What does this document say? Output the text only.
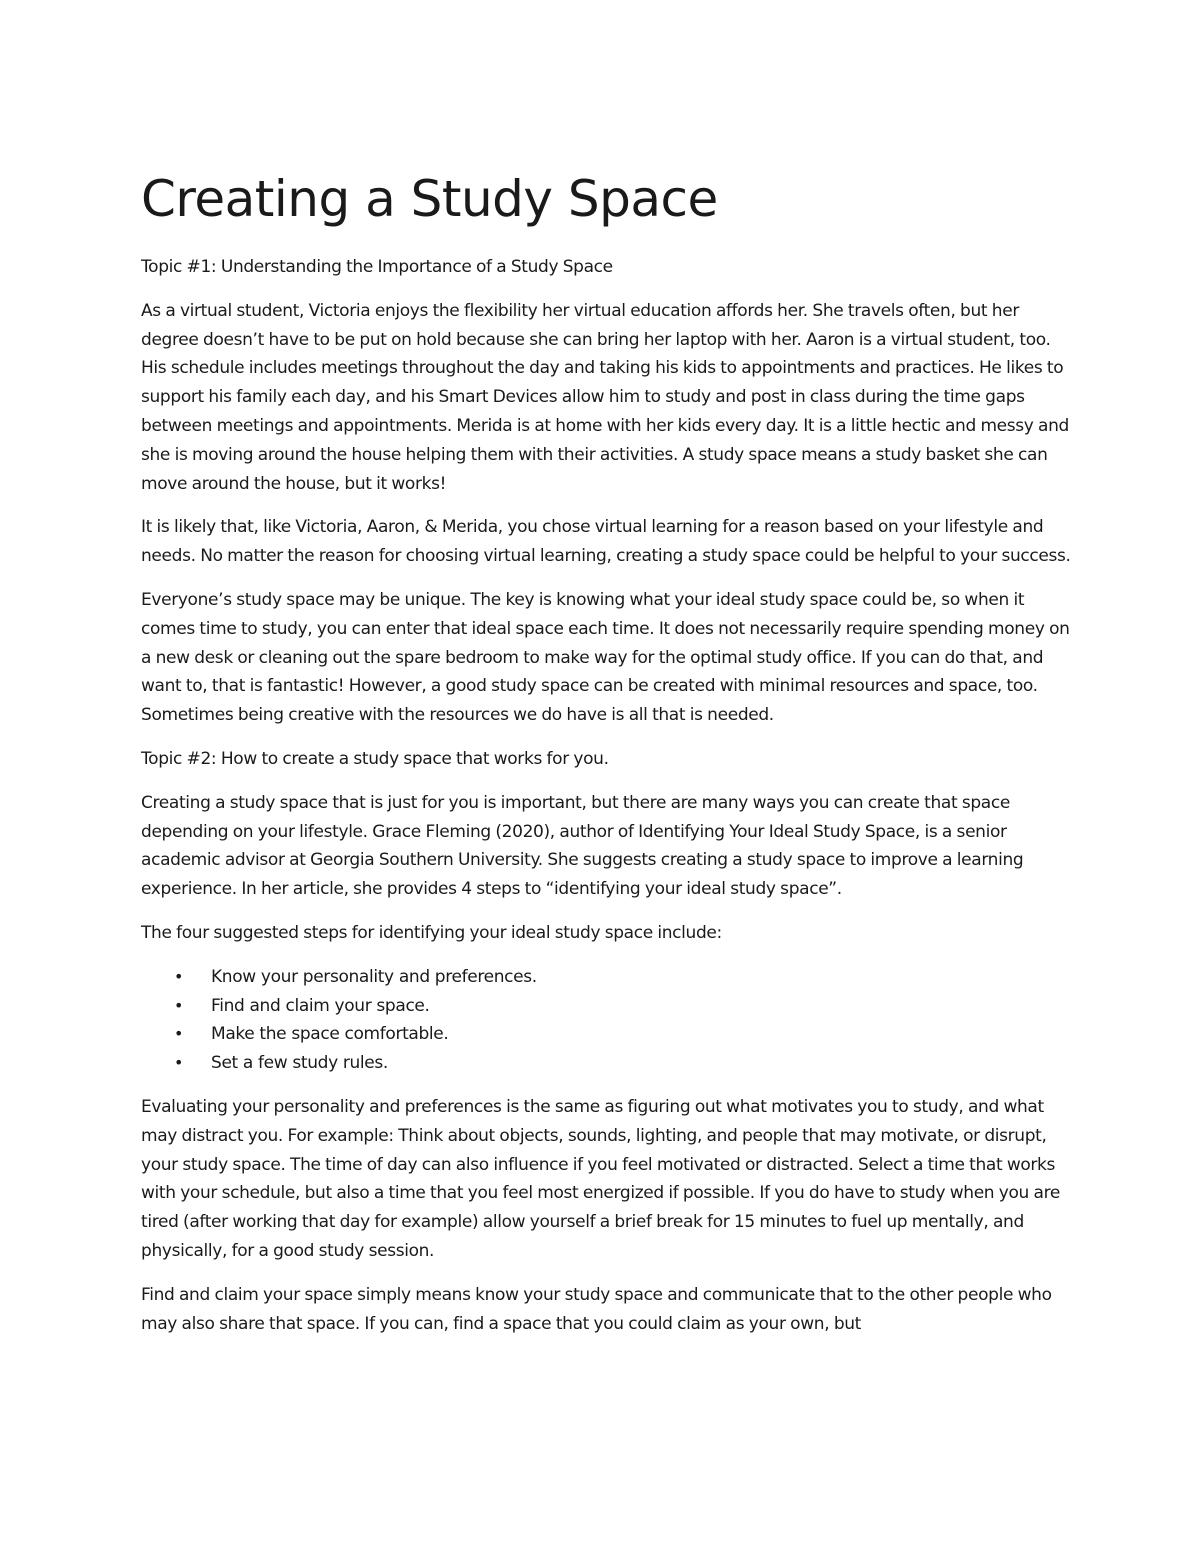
Creating a Study Space

Topic #1: Understanding the Importance of a Study Space

As a virtual student, Victoria enjoys the flexibility her virtual education affords her. She travels often, but her degree doesn’t have to be put on hold because she can bring her laptop with her. Aaron is a virtual student, too. His schedule includes meetings throughout the day and taking his kids to appointments and practices. He likes to support his family each day, and his Smart Devices allow him to study and post in class during the time gaps between meetings and appointments. Merida is at home with her kids every day. It is a little hectic and messy and she is moving around the house helping them with their activities. A study space means a study basket she can move around the house, but it works!

It is likely that, like Victoria, Aaron, & Merida, you chose virtual learning for a reason based on your lifestyle and needs. No matter the reason for choosing virtual learning, creating a study space could be helpful to your success.

Everyone’s study space may be unique. The key is knowing what your ideal study space could be, so when it comes time to study, you can enter that ideal space each time. It does not necessarily require spending money on a new desk or cleaning out the spare bedroom to make way for the optimal study office. If you can do that, and want to, that is fantastic! However, a good study space can be created with minimal resources and space, too. Sometimes being creative with the resources we do have is all that is needed.

Topic #2: How to create a study space that works for you.

Creating a study space that is just for you is important, but there are many ways you can create that space depending on your lifestyle. Grace Fleming (2020), author of Identifying Your Ideal Study Space, is a senior academic advisor at Georgia Southern University. She suggests creating a study space to improve a learning experience. In her article, she provides 4 steps to “identifying your ideal study space”.

The four suggested steps for identifying your ideal study space include:

• Know your personality and preferences.
• Find and claim your space.
• Make the space comfortable.
• Set a few study rules.

Evaluating your personality and preferences is the same as figuring out what motivates you to study, and what may distract you. For example: Think about objects, sounds, lighting, and people that may motivate, or disrupt, your study space. The time of day can also influence if you feel motivated or distracted. Select a time that works with your schedule, but also a time that you feel most energized if possible. If you do have to study when you are tired (after working that day for example) allow yourself a brief break for 15 minutes to fuel up mentally, and physically, for a good study session.

Find and claim your space simply means know your study space and communicate that to the other people who may also share that space. If you can, find a space that you could claim as your own, but
